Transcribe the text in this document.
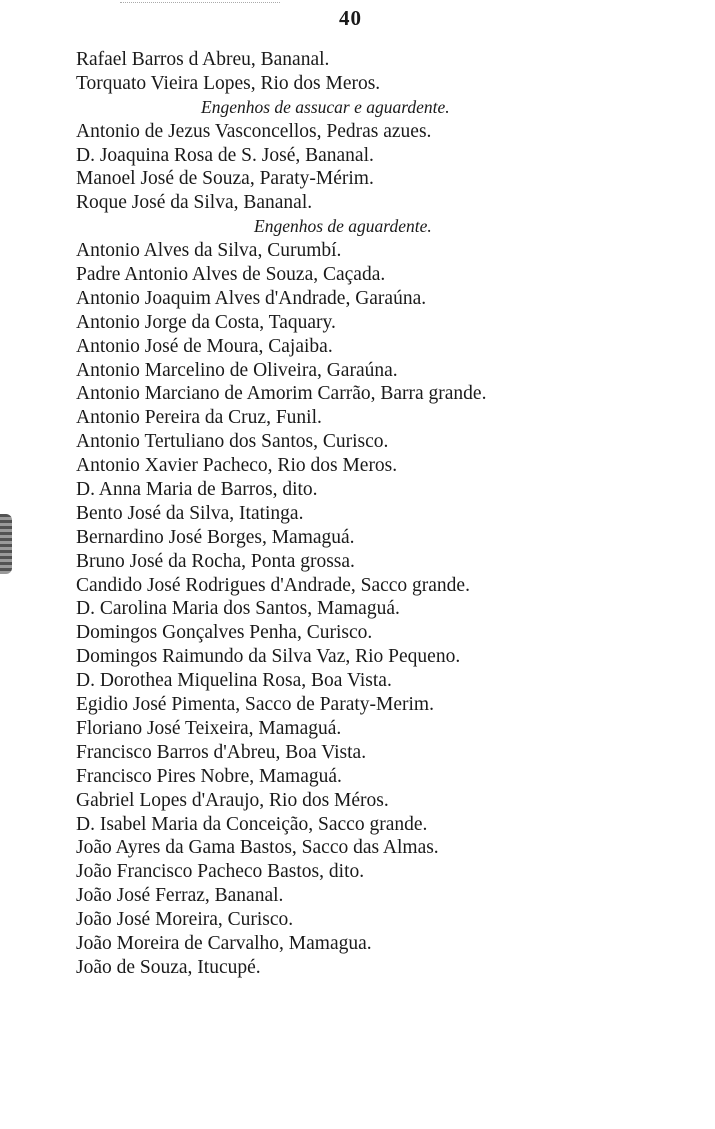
40
Rafael Barros d Abreu, Bananal.
Torquato Vieira Lopes, Rio dos Meros.
Engenhos de assucar e aguardente.
Antonio de Jezus Vasconcellos, Pedras azues.
D. Joaquina Rosa de S. José, Bananal.
Manoel José de Souza, Paraty-Mérim.
Roque José da Silva, Bananal.
Engenhos de aguardente.
Antonio Alves da Silva, Curumbí.
Padre Antonio Alves de Souza, Caçada.
Antonio Joaquim Alves d'Andrade, Garaúna.
Antonio Jorge da Costa, Taquary.
Antonio José de Moura, Cajaiba.
Antonio Marcelino de Oliveira, Garaúna.
Antonio Marciano de Amorim Carrão, Barra grande.
Antonio Pereira da Cruz, Funil.
Antonio Tertuliano dos Santos, Curisco.
Antonio Xavier Pacheco, Rio dos Meros.
D. Anna Maria de Barros, dito.
Bento José da Silva, Itatinga.
Bernardino José Borges, Mamaguá.
Bruno José da Rocha, Ponta grossa.
Candido José Rodrigues d'Andrade, Sacco grande.
D. Carolina Maria dos Santos, Mamaguá.
Domingos Gonçalves Penha, Curisco.
Domingos Raimundo da Silva Vaz, Rio Pequeno.
D. Dorothea Miquelina Rosa, Boa Vista.
Egidio José Pimenta, Sacco de Paraty-Merim.
Floriano José Teixeira, Mamaguá.
Francisco Barros d'Abreu, Boa Vista.
Francisco Pires Nobre, Mamaguá.
Gabriel Lopes d'Araujo, Rio dos Méros.
D. Isabel Maria da Conceição, Sacco grande.
João Ayres da Gama Bastos, Sacco das Almas.
João Francisco Pacheco Bastos, dito.
João José Ferraz, Bananal.
João José Moreira, Curisco.
João Moreira de Carvalho, Mamagua.
João de Souza, Itucupé.
